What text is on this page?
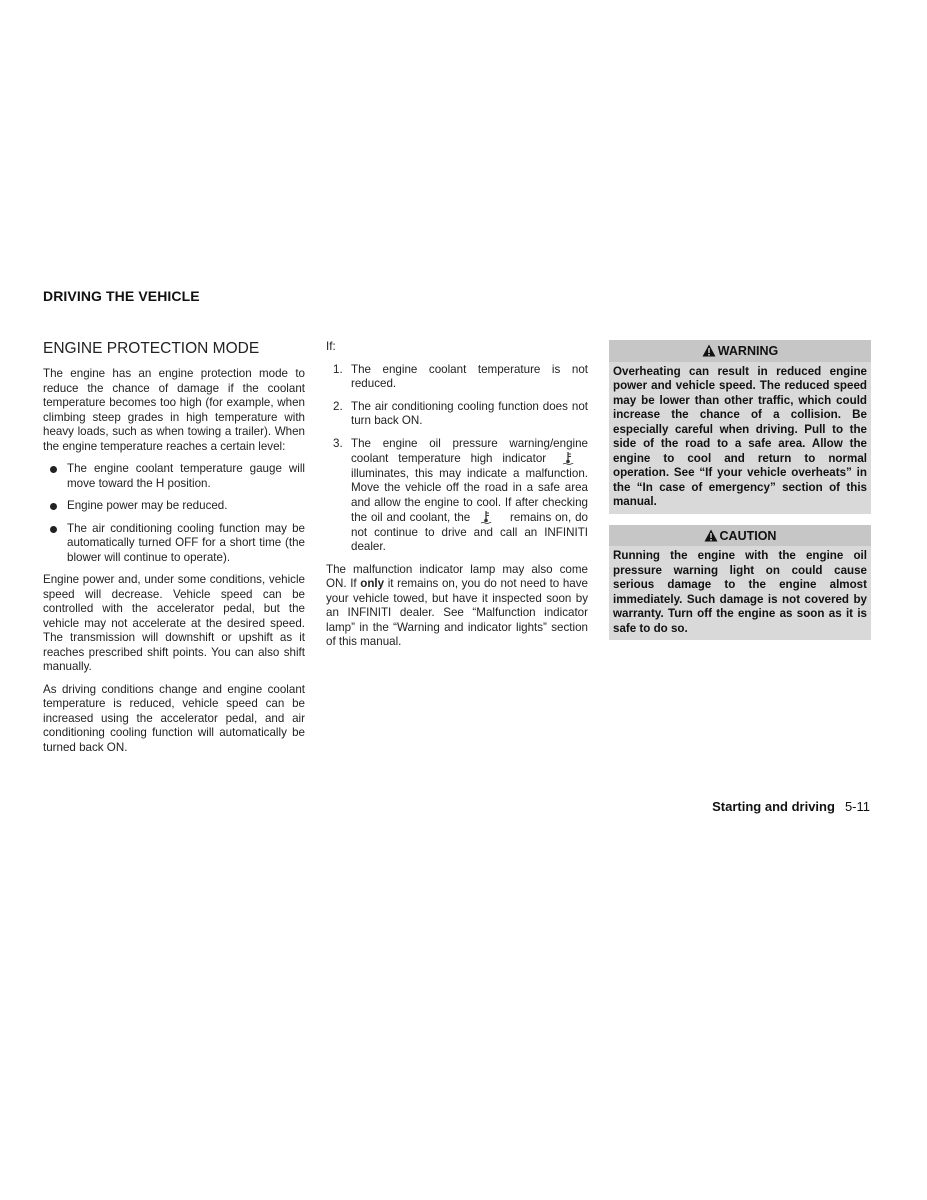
DRIVING THE VEHICLE
ENGINE PROTECTION MODE

The engine has an engine protection mode to reduce the chance of damage if the coolant temperature becomes too high (for example, when climbing steep grades in high temperature with heavy loads, such as when towing a trailer). When the engine temperature reaches a certain level:

The engine coolant temperature gauge will move toward the H position.
Engine power may be reduced.
The air conditioning cooling function may be automatically turned OFF for a short time (the blower will continue to operate).

Engine power and, under some conditions, vehicle speed will decrease. Vehicle speed can be controlled with the accelerator pedal, but the vehicle may not accelerate at the desired speed. The transmission will downshift or upshift as it reaches prescribed shift points. You can also shift manually.

As driving conditions change and engine coolant temperature is reduced, vehicle speed can be increased using the accelerator pedal, and air conditioning cooling function will automatically be turned back ON.

If:

1. The engine coolant temperature is not reduced.
2. The air conditioning cooling function does not turn back ON.
3. The engine oil pressure warning/engine coolant temperature high indicator  illuminates, this may indicate a malfunction. Move the vehicle off the road in a safe area and allow the engine to cool. If after checking the oil and coolant, the	remains on, do not continue to drive and call an INFINITI dealer.

The malfunction indicator lamp may also come ON. If only it remains on, you do not need to have your vehicle towed, but have it inspected soon by an INFINITI dealer. See “Malfunction indicator lamp” in the “Warning and indicator lights” section of this manual.

WARNING
Overheating can result in reduced engine power and vehicle speed. The reduced speed may be lower than other traffic, which could increase the chance of a collision. Be especially careful when driving. Pull to the side of the road to a safe area. Allow the engine to cool and return to normal operation. See “If your vehicle overheats” in the “In case of emergency” section of this manual.
CAUTION
Running the engine with the engine oil pressure warning light on could cause serious damage to the engine almost immediately. Such damage is not covered by warranty. Turn off the engine as soon as it is safe to do so.
Starting and driving 5-11
